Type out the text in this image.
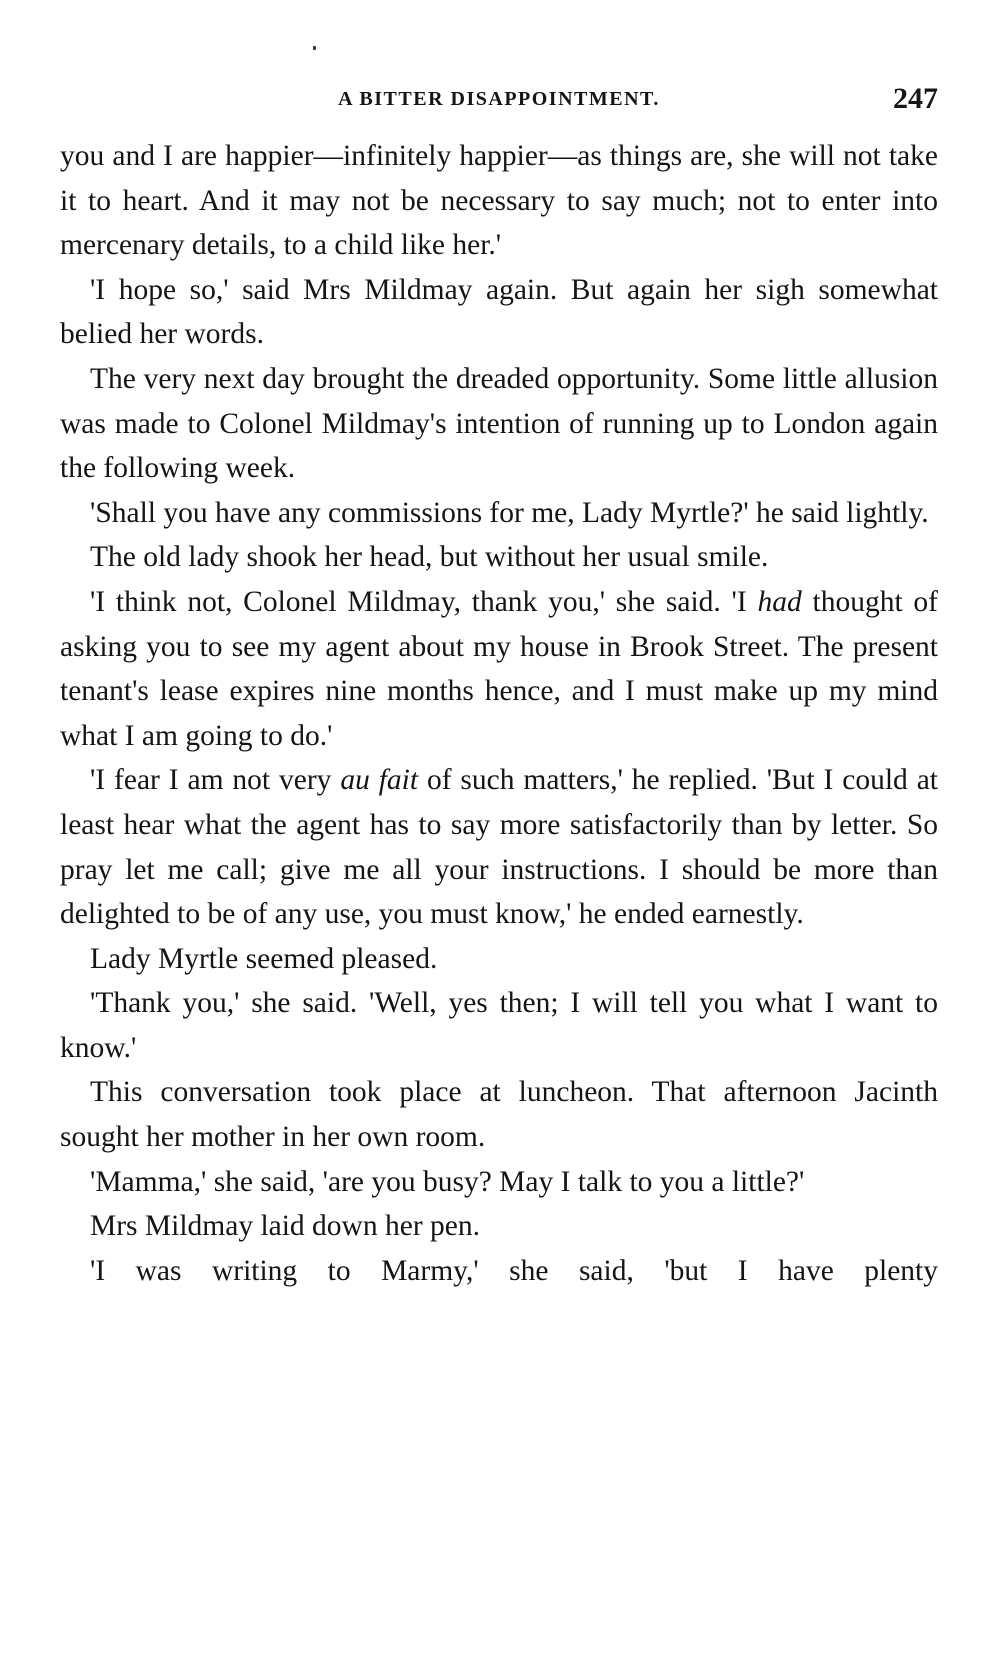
A BITTER DISAPPOINTMENT.	247

you and I are happier—infinitely happier—as things are, she will not take it to heart. And it may not be necessary to say much; not to enter into mercenary details, to a child like her.'

'I hope so,' said Mrs Mildmay again. But again her sigh somewhat belied her words.

The very next day brought the dreaded opportunity. Some little allusion was made to Colonel Mildmay's intention of running up to London again the following week.

'Shall you have any commissions for me, Lady Myrtle?' he said lightly.

The old lady shook her head, but without her usual smile.

'I think not, Colonel Mildmay, thank you,' she said. 'I had thought of asking you to see my agent about my house in Brook Street. The present tenant's lease expires nine months hence, and I must make up my mind what I am going to do.'

'I fear I am not very au fait of such matters,' he replied. 'But I could at least hear what the agent has to say more satisfactorily than by letter. So pray let me call; give me all your instructions. I should be more than delighted to be of any use, you must know,' he ended earnestly.

Lady Myrtle seemed pleased.

'Thank you,' she said. 'Well, yes then; I will tell you what I want to know.'

This conversation took place at luncheon. That afternoon Jacinth sought her mother in her own room.

'Mamma,' she said, 'are you busy? May I talk to you a little?'

Mrs Mildmay laid down her pen.

'I was writing to Marmy,' she said, 'but I have plenty
